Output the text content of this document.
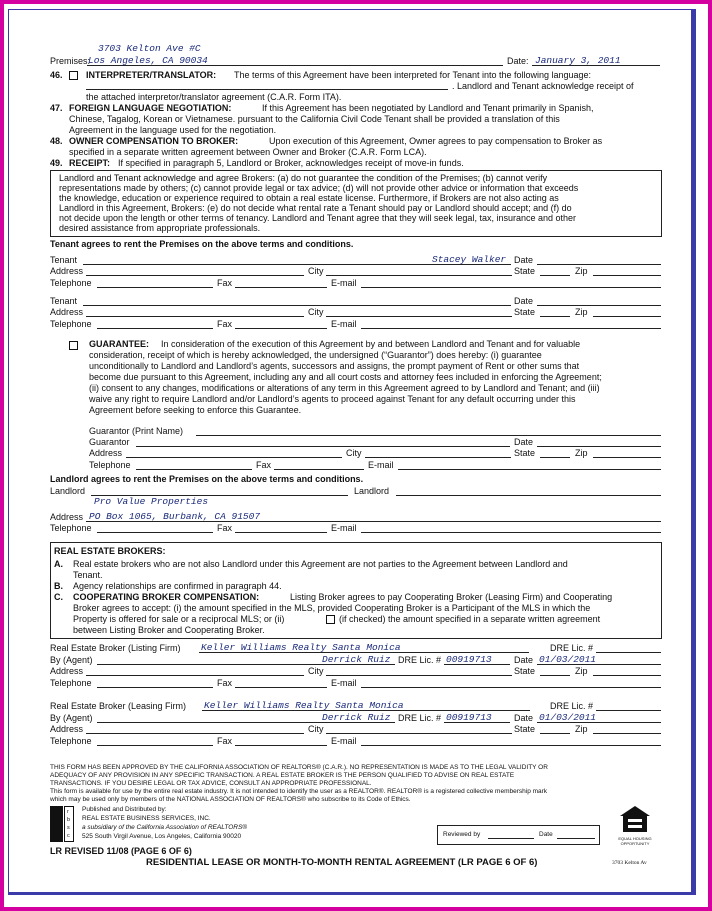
3703 Kelton Ave #C
Premises:
Los Angeles, CA 90034	Date: January 3, 2011
46.	INTERPRETER/TRANSLATOR: The terms of this Agreement have been interpreted for Tenant into the following language:
. Landlord and Tenant acknowledge receipt of
the attached interpretor/translator agreement (C.A.R. Form ITA).
47. FOREIGN LANGUAGE NEGOTIATION:	If this Agreement has been negotiated by Landlord and Tenant primarily in Spanish,
Chinese, Tagalog, Korean or Vietnamese. pursuant to the California Civil Code Tenant shall be provided a translation of this
Agreement in the language used for the negotiation.
48. OWNER COMPENSATION TO BROKER:	Upon execution of this Agreement, Owner agrees to pay compensation to Broker as
specified in a separate written agreement between Owner and Broker (C.A.R. Form LCA).
49. RECEIPT: If specified in paragraph 5, Landlord or Broker, acknowledges receipt of move-in funds.
Landlord and Tenant acknowledge and agree Brokers: (a) do not guarantee the condition of the Premises; (b) cannot verify
representations made by others; (c) cannot provide legal or tax advice; (d) will not provide other advice or information that exceeds
the knowledge, education or experience required to obtain a real estate license. Furthermore, if Brokers are not also acting as
Landlord in this Agreement, Brokers: (e) do not decide what rental rate a Tenant should pay or Landlord should accept; and (f) do
not decide upon the length or other terms of tenancy. Landlord and Tenant agree that they will seek legal, tax, insurance and other
desired assistance from appropriate professionals.
Tenant agrees to rent the Premises on the above terms and conditions.
Tenant	Stacey Walker Date
Address	City	State	Zip
Telephone	Fax	E-mail
Tenant	Date
Address	City	State	Zip
Telephone	Fax	E-mail
GUARANTEE: In consideration of the execution of this Agreement by and between Landlord and Tenant and for valuable
consideration, receipt of which is hereby acknowledged, the undersigned (“Guarantor”) does hereby: (i) guarantee
unconditionally to Landlord and Landlord’s agents, successors and assigns, the prompt payment of Rent or other sums that
become due pursuant to this Agreement, including any and all court costs and attorney fees included in enforcing the Agreement;
(ii) consent to any changes, modifications or alterations of any term in this Agreement agreed to by Landlord and Tenant; and (iii)
waive any right to require Landlord and/or Landlord’s agents to proceed against Tenant for any default occurring under this
Agreement before seeking to enforce this Guarantee.
Guarantor (Print Name)
Guarantor	Date
Address	City	State	Zip
Telephone	Fax	E-mail
Landlord agrees to rent the Premises on the above terms and conditions.
Landlord	Landlord
Pro Value Properties
Address PO Box 1065, Burbank, CA 91507
Telephone	Fax	E-mail
REAL ESTATE BROKERS:
A. Real estate brokers who are not also Landlord under this Agreement are not parties to the Agreement between Landlord and
Tenant.
B. Agency relationships are confirmed in paragraph 44.
C. COOPERATING BROKER COMPENSATION:	Listing Broker agrees to pay Cooperating Broker (Leasing Firm) and Cooperating
Broker agrees to accept: (i) the amount specified in the MLS, provided Cooperating Broker is a Participant of the MLS in which the
Property is offered for sale or a reciprocal MLS; or (ii)	(if checked) the amount specified in a separate written agreement
between Listing Broker and Cooperating Broker.
Real Estate Broker (Listing Firm) Keller Williams Realty Santa Monica	DRE Lic. #
By (Agent)	Derrick Ruiz DRE Lic. # 00919713 Date 01/03/2011
Address	City	State	Zip
Telephone	Fax	E-mail
Real Estate Broker (Leasing Firm) Keller Williams Realty Santa Monica	DRE Lic. #
By (Agent)	Derrick Ruiz DRE Lic. # 00919713 Date 01/03/2011
Address	City	State	Zip
Telephone	Fax	E-mail
THIS FORM HAS BEEN APPROVED BY THE CALIFORNIA ASSOCIATION OF REALTORS® (C.A.R.). NO REPRESENTATION IS MADE AS TO THE LEGAL VALIDITY OR
ADEQUACY OF ANY PROVISION IN ANY SPECIFIC TRANSACTION. A REAL ESTATE BROKER IS THE PERSON QUALIFIED TO ADVISE ON REAL ESTATE
TRANSACTIONS. IF YOU DESIRE LEGAL OR TAX ADVICE, CONSULT AN APPROPRIATE PROFESSIONAL.
This form is available for use by the entire real estate industry. It is not intended to identify the user as a REALTOR®. REALTOR® is a registered collective membership mark
which may be used only by members of the NATIONAL ASSOCIATION OF REALTORS® who subscribe to its Code of Ethics.
r
b
s
c
Published and Distributed by:
REAL ESTATE BUSINESS SERVICES, INC.
a subsidiary of the California Association of REALTORS®
525 South Virgil Avenue, Los Angeles, California 90020	Reviewed by	Date
EQUAL HOUSING OPPORTUNITY
LR REVISED 11/08 (PAGE 6 OF 6)
RESIDENTIAL LEASE OR MONTH-TO-MONTH RENTAL AGREEMENT (LR PAGE 6 OF 6)	3703 Kelton Av
